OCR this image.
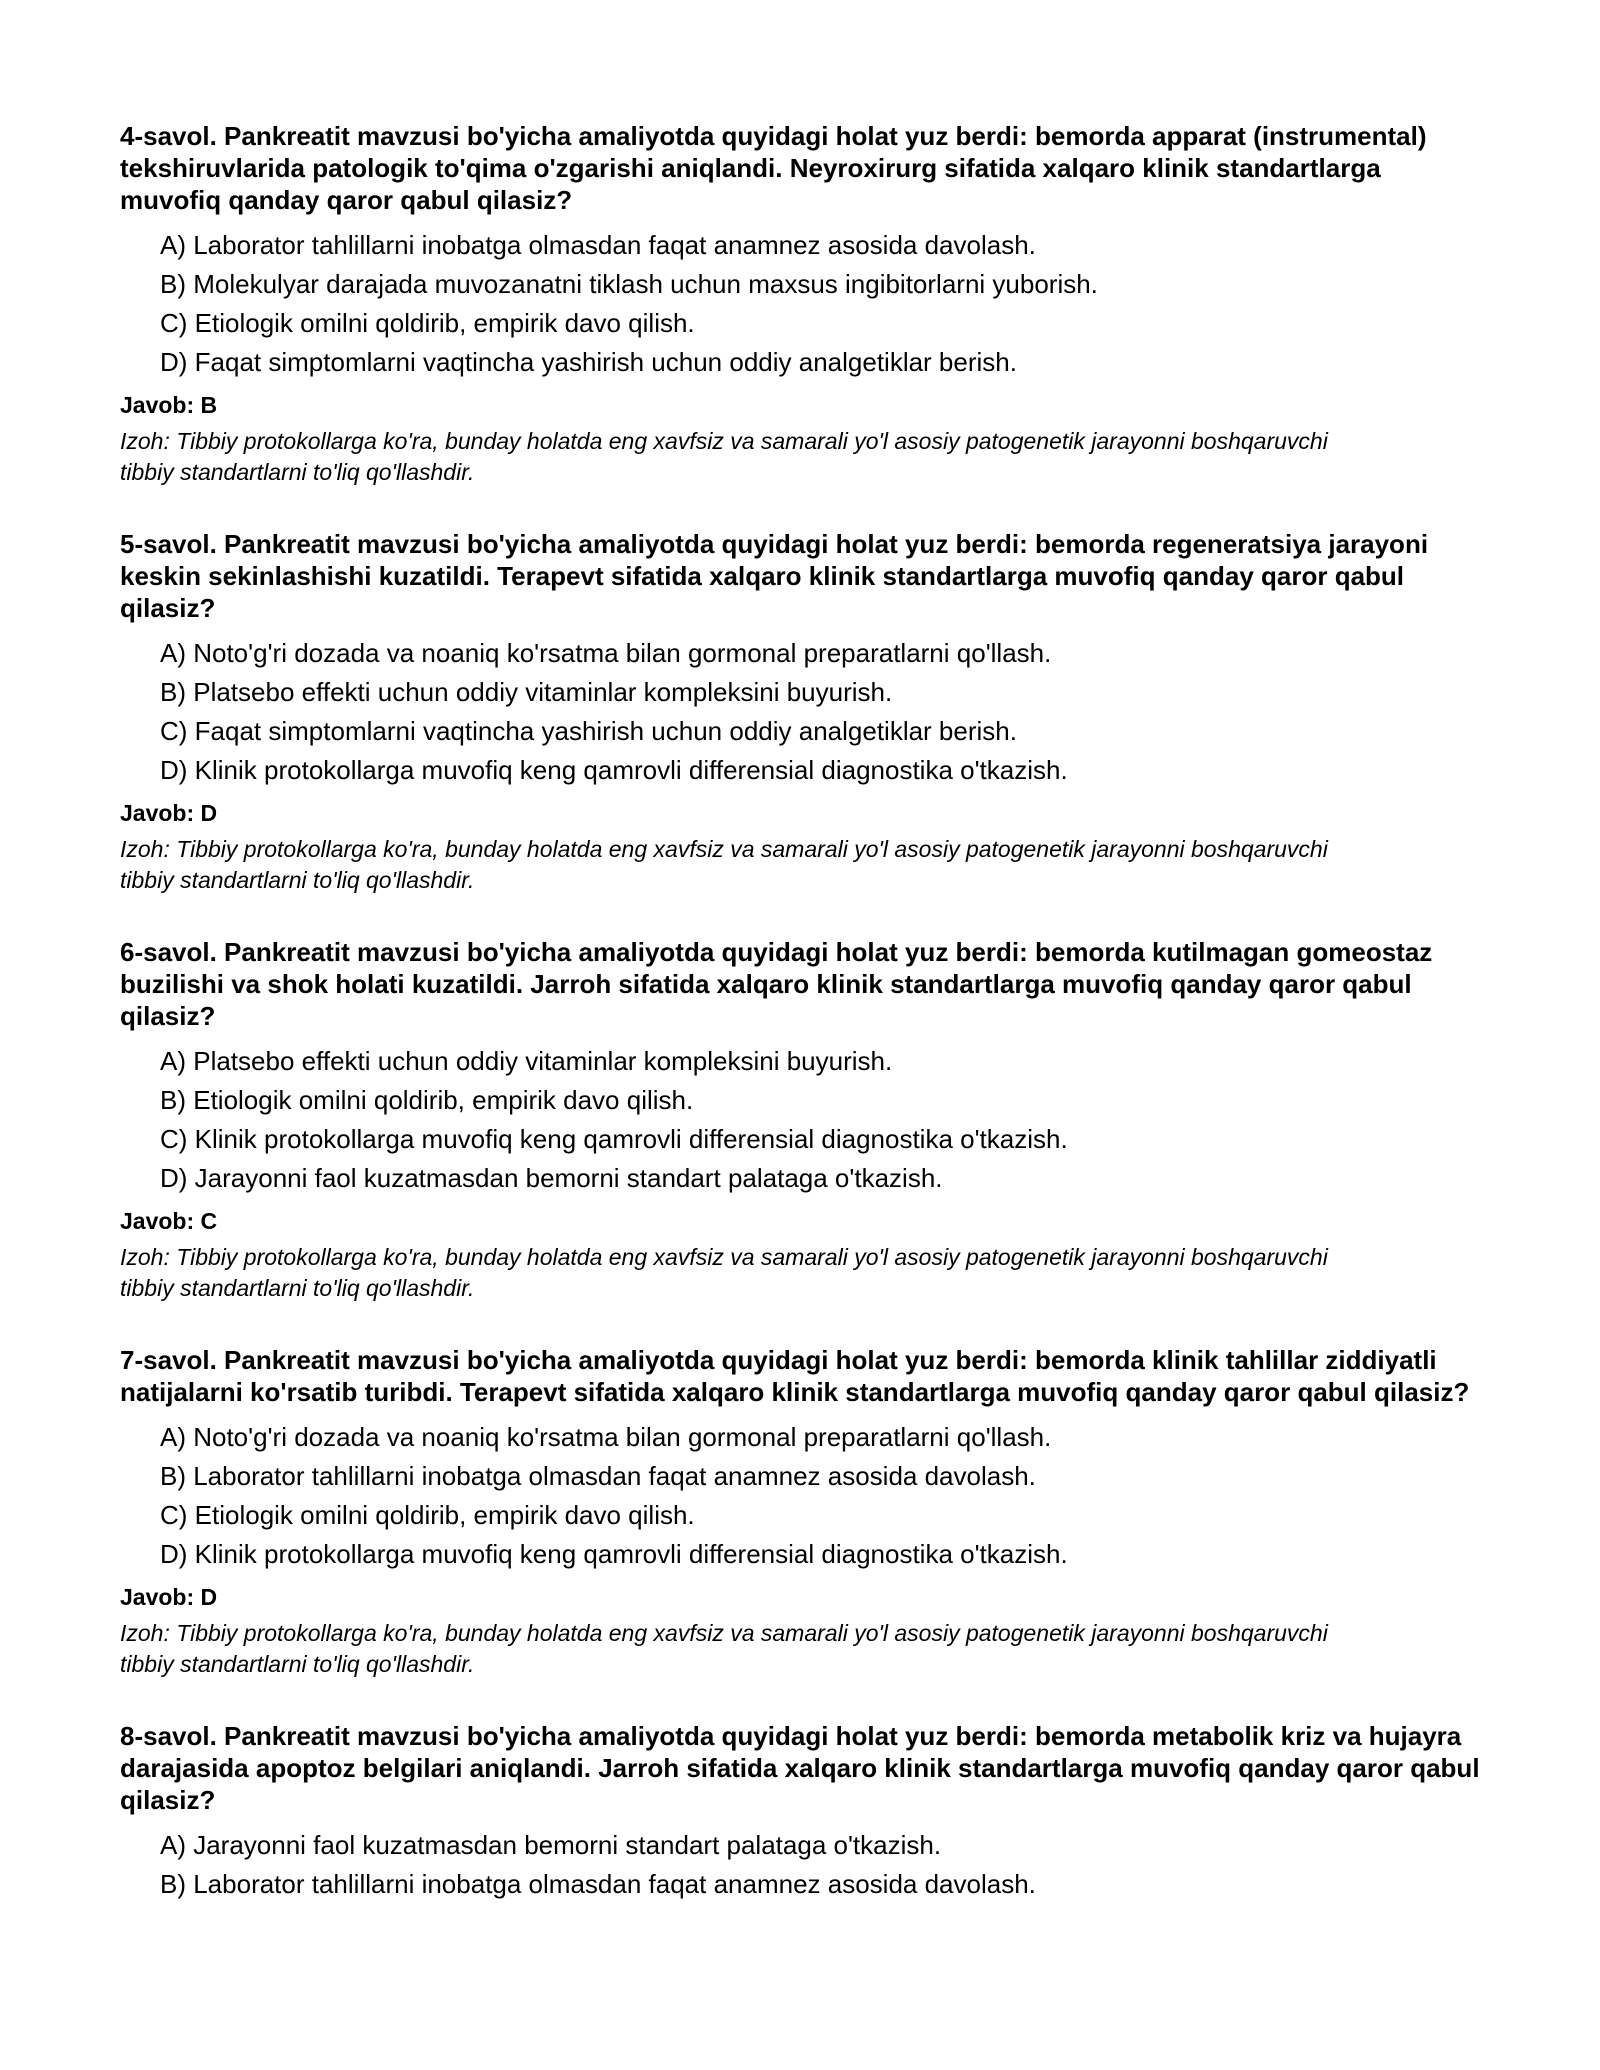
4-savol. Pankreatit mavzusi bo'yicha amaliyotda quyidagi holat yuz berdi: bemorda apparat (instrumental) tekshiruvlarida patologik to'qima o'zgarishi aniqlandi. Neyroxirurg sifatida xalqaro klinik standartlarga muvofiq qanday qaror qabul qilasiz?
A) Laborator tahlillarni inobatga olmasdan faqat anamnez asosida davolash.
B) Molekulyar darajada muvozanatni tiklash uchun maxsus ingibitorlarni yuborish.
C) Etiologik omilni qoldirib, empirik davo qilish.
D) Faqat simptomlarni vaqtincha yashirish uchun oddiy analgetiklar berish.
Javob: B
Izoh: Tibbiy protokollarga ko'ra, bunday holatda eng xavfsiz va samarali yo'l asosiy patogenetik jarayonni boshqaruvchi tibbiy standartlarni to'liq qo'llashdir.
5-savol. Pankreatit mavzusi bo'yicha amaliyotda quyidagi holat yuz berdi: bemorda regeneratsiya jarayoni keskin sekinlashishi kuzatildi. Terapevt sifatida xalqaro klinik standartlarga muvofiq qanday qaror qabul qilasiz?
A) Noto'g'ri dozada va noaniq ko'rsatma bilan gormonal preparatlarni qo'llash.
B) Platsebo effekti uchun oddiy vitaminlar kompleksini buyurish.
C) Faqat simptomlarni vaqtincha yashirish uchun oddiy analgetiklar berish.
D) Klinik protokollarga muvofiq keng qamrovli differensial diagnostika o'tkazish.
Javob: D
Izoh: Tibbiy protokollarga ko'ra, bunday holatda eng xavfsiz va samarali yo'l asosiy patogenetik jarayonni boshqaruvchi tibbiy standartlarni to'liq qo'llashdir.
6-savol. Pankreatit mavzusi bo'yicha amaliyotda quyidagi holat yuz berdi: bemorda kutilmagan gomeostaz buzilishi va shok holati kuzatildi. Jarroh sifatida xalqaro klinik standartlarga muvofiq qanday qaror qabul qilasiz?
A) Platsebo effekti uchun oddiy vitaminlar kompleksini buyurish.
B) Etiologik omilni qoldirib, empirik davo qilish.
C) Klinik protokollarga muvofiq keng qamrovli differensial diagnostika o'tkazish.
D) Jarayonni faol kuzatmasdan bemorni standart palataga o'tkazish.
Javob: C
Izoh: Tibbiy protokollarga ko'ra, bunday holatda eng xavfsiz va samarali yo'l asosiy patogenetik jarayonni boshqaruvchi tibbiy standartlarni to'liq qo'llashdir.
7-savol. Pankreatit mavzusi bo'yicha amaliyotda quyidagi holat yuz berdi: bemorda klinik tahlillar ziddiyatli natijalarni ko'rsatib turibdi. Terapevt sifatida xalqaro klinik standartlarga muvofiq qanday qaror qabul qilasiz?
A) Noto'g'ri dozada va noaniq ko'rsatma bilan gormonal preparatlarni qo'llash.
B) Laborator tahlillarni inobatga olmasdan faqat anamnez asosida davolash.
C) Etiologik omilni qoldirib, empirik davo qilish.
D) Klinik protokollarga muvofiq keng qamrovli differensial diagnostika o'tkazish.
Javob: D
Izoh: Tibbiy protokollarga ko'ra, bunday holatda eng xavfsiz va samarali yo'l asosiy patogenetik jarayonni boshqaruvchi tibbiy standartlarni to'liq qo'llashdir.
8-savol. Pankreatit mavzusi bo'yicha amaliyotda quyidagi holat yuz berdi: bemorda metabolik kriz va hujayra darajasida apoptoz belgilari aniqlandi. Jarroh sifatida xalqaro klinik standartlarga muvofiq qanday qaror qabul qilasiz?
A) Jarayonni faol kuzatmasdan bemorni standart palataga o'tkazish.
B) Laborator tahlillarni inobatga olmasdan faqat anamnez asosida davolash.
